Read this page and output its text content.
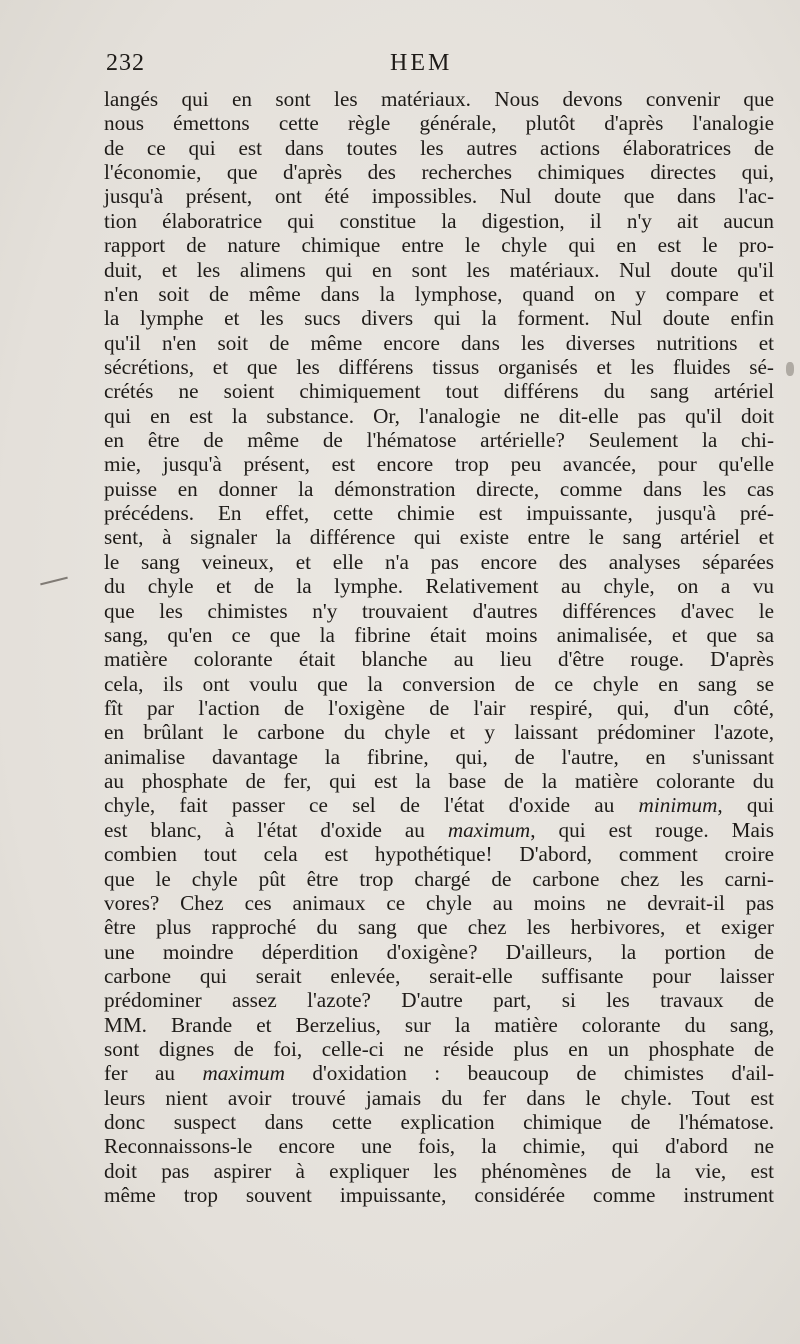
232	HEM
langés qui en sont les matériaux. Nous devons convenir que
nous émettons cette règle générale, plutôt d'après l'analogie
de ce qui est dans toutes les autres actions élaboratrices de
l'économie, que d'après des recherches chimiques directes qui,
jusqu'à présent, ont été impossibles. Nul doute que dans l'ac-
tion élaboratrice qui constitue la digestion, il n'y ait aucun
rapport de nature chimique entre le chyle qui en est le pro-
duit, et les alimens qui en sont les matériaux. Nul doute qu'il
n'en soit de même dans la lymphose, quand on y compare et
la lymphe et les sucs divers qui la forment. Nul doute enfin
qu'il n'en soit de même encore dans les diverses nutritions et
sécrétions, et que les différens tissus organisés et les fluides sé-
crétés ne soient chimiquement tout différens du sang artériel
qui en est la substance. Or, l'analogie ne dit-elle pas qu'il doit
en être de même de l'hématose artérielle? Seulement la chi-
mie, jusqu'à présent, est encore trop peu avancée, pour qu'elle
puisse en donner la démonstration directe, comme dans les cas
précédens. En effet, cette chimie est impuissante, jusqu'à pré-
sent, à signaler la différence qui existe entre le sang artériel et
le sang veineux, et elle n'a pas encore des analyses séparées
du chyle et de la lymphe. Relativement au chyle, on a vu
que les chimistes n'y trouvaient d'autres différences d'avec le
sang, qu'en ce que la fibrine était moins animalisée, et que sa
matière colorante était blanche au lieu d'être rouge. D'après
cela, ils ont voulu que la conversion de ce chyle en sang se
fît par l'action de l'oxigène de l'air respiré, qui, d'un côté,
en brûlant le carbone du chyle et y laissant prédominer l'azote,
animalise davantage la fibrine, qui, de l'autre, en s'unissant
au phosphate de fer, qui est la base de la matière colorante du
chyle, fait passer ce sel de l'état d'oxide au minimum, qui
est blanc, à l'état d'oxide au maximum, qui est rouge. Mais
combien tout cela est hypothétique! D'abord, comment croire
que le chyle pût être trop chargé de carbone chez les carni-
vores? Chez ces animaux ce chyle au moins ne devrait-il pas
être plus rapproché du sang que chez les herbivores, et exiger
une moindre déperdition d'oxigène? D'ailleurs, la portion de
carbone qui serait enlevée, serait-elle suffisante pour laisser
prédominer assez l'azote? D'autre part, si les travaux de
MM. Brande et Berzelius, sur la matière colorante du sang,
sont dignes de foi, celle-ci ne réside plus en un phosphate de
fer au maximum d'oxidation : beaucoup de chimistes d'ail-
leurs nient avoir trouvé jamais du fer dans le chyle. Tout est
donc suspect dans cette explication chimique de l'hématose.
Reconnaissons-le encore une fois, la chimie, qui d'abord ne
doit pas aspirer à expliquer les phénomènes de la vie, est
même trop souvent impuissante, considérée comme instrument
